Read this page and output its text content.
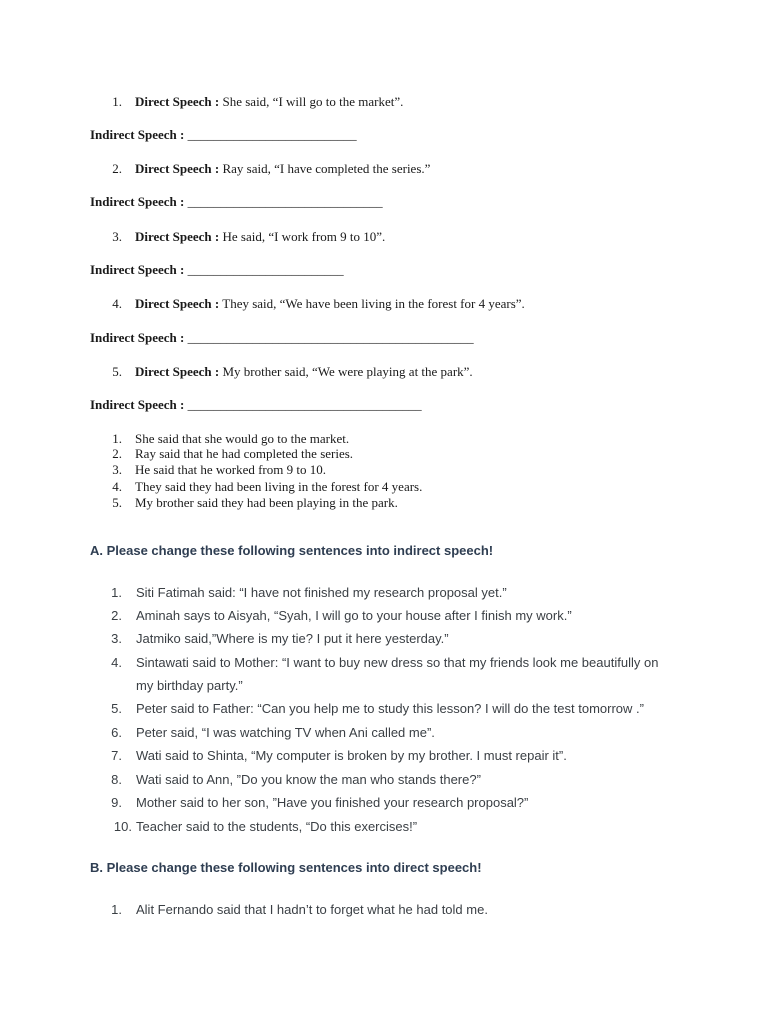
1. Direct Speech : She said, “I will go to the market”.
Indirect Speech : __________________________
2. Direct Speech : Ray said, “I have completed the series.”
Indirect Speech : ______________________________
3. Direct Speech : He said, “I work from 9 to 10”.
Indirect Speech : ________________________
4. Direct Speech : They said, “We have been living in the forest for 4 years”.
Indirect Speech : ____________________________________________
5. Direct Speech : My brother said, “We were playing at the park”.
Indirect Speech : ____________________________________
1. She said that she would go to the market.
2. Ray said that he had completed the series.
3. He said that he worked from 9 to 10.
4. They said they had been living in the forest for 4 years.
5. My brother said they had been playing in the park.
A. Please change these following sentences into indirect speech!
1. Siti Fatimah said: “I have not finished my research proposal yet.”
2. Aminah says to Aisyah, “Syah, I will go to your house after I finish my work.”
3. Jatmiko said,”Where is my tie? I put it here yesterday.”
4. Sintawati said to Mother: “I want to buy new dress so that my friends look me beautifully on
my birthday party.”
5. Peter said to Father: “Can you help me to study this lesson? I will do the test tomorrow .”
6. Peter said, “I was watching TV when Ani called me”.
7. Wati said to Shinta, “My computer is broken by my brother. I must repair it”.
8. Wati said to Ann, ”Do you know the man who stands there?”
9. Mother said to her son, ”Have you finished your research proposal?”
10. Teacher said to the students, “Do this exercises!”
B. Please change these following sentences into direct speech!
1. Alit Fernando said that I hadn’t to forget what he had told me.
